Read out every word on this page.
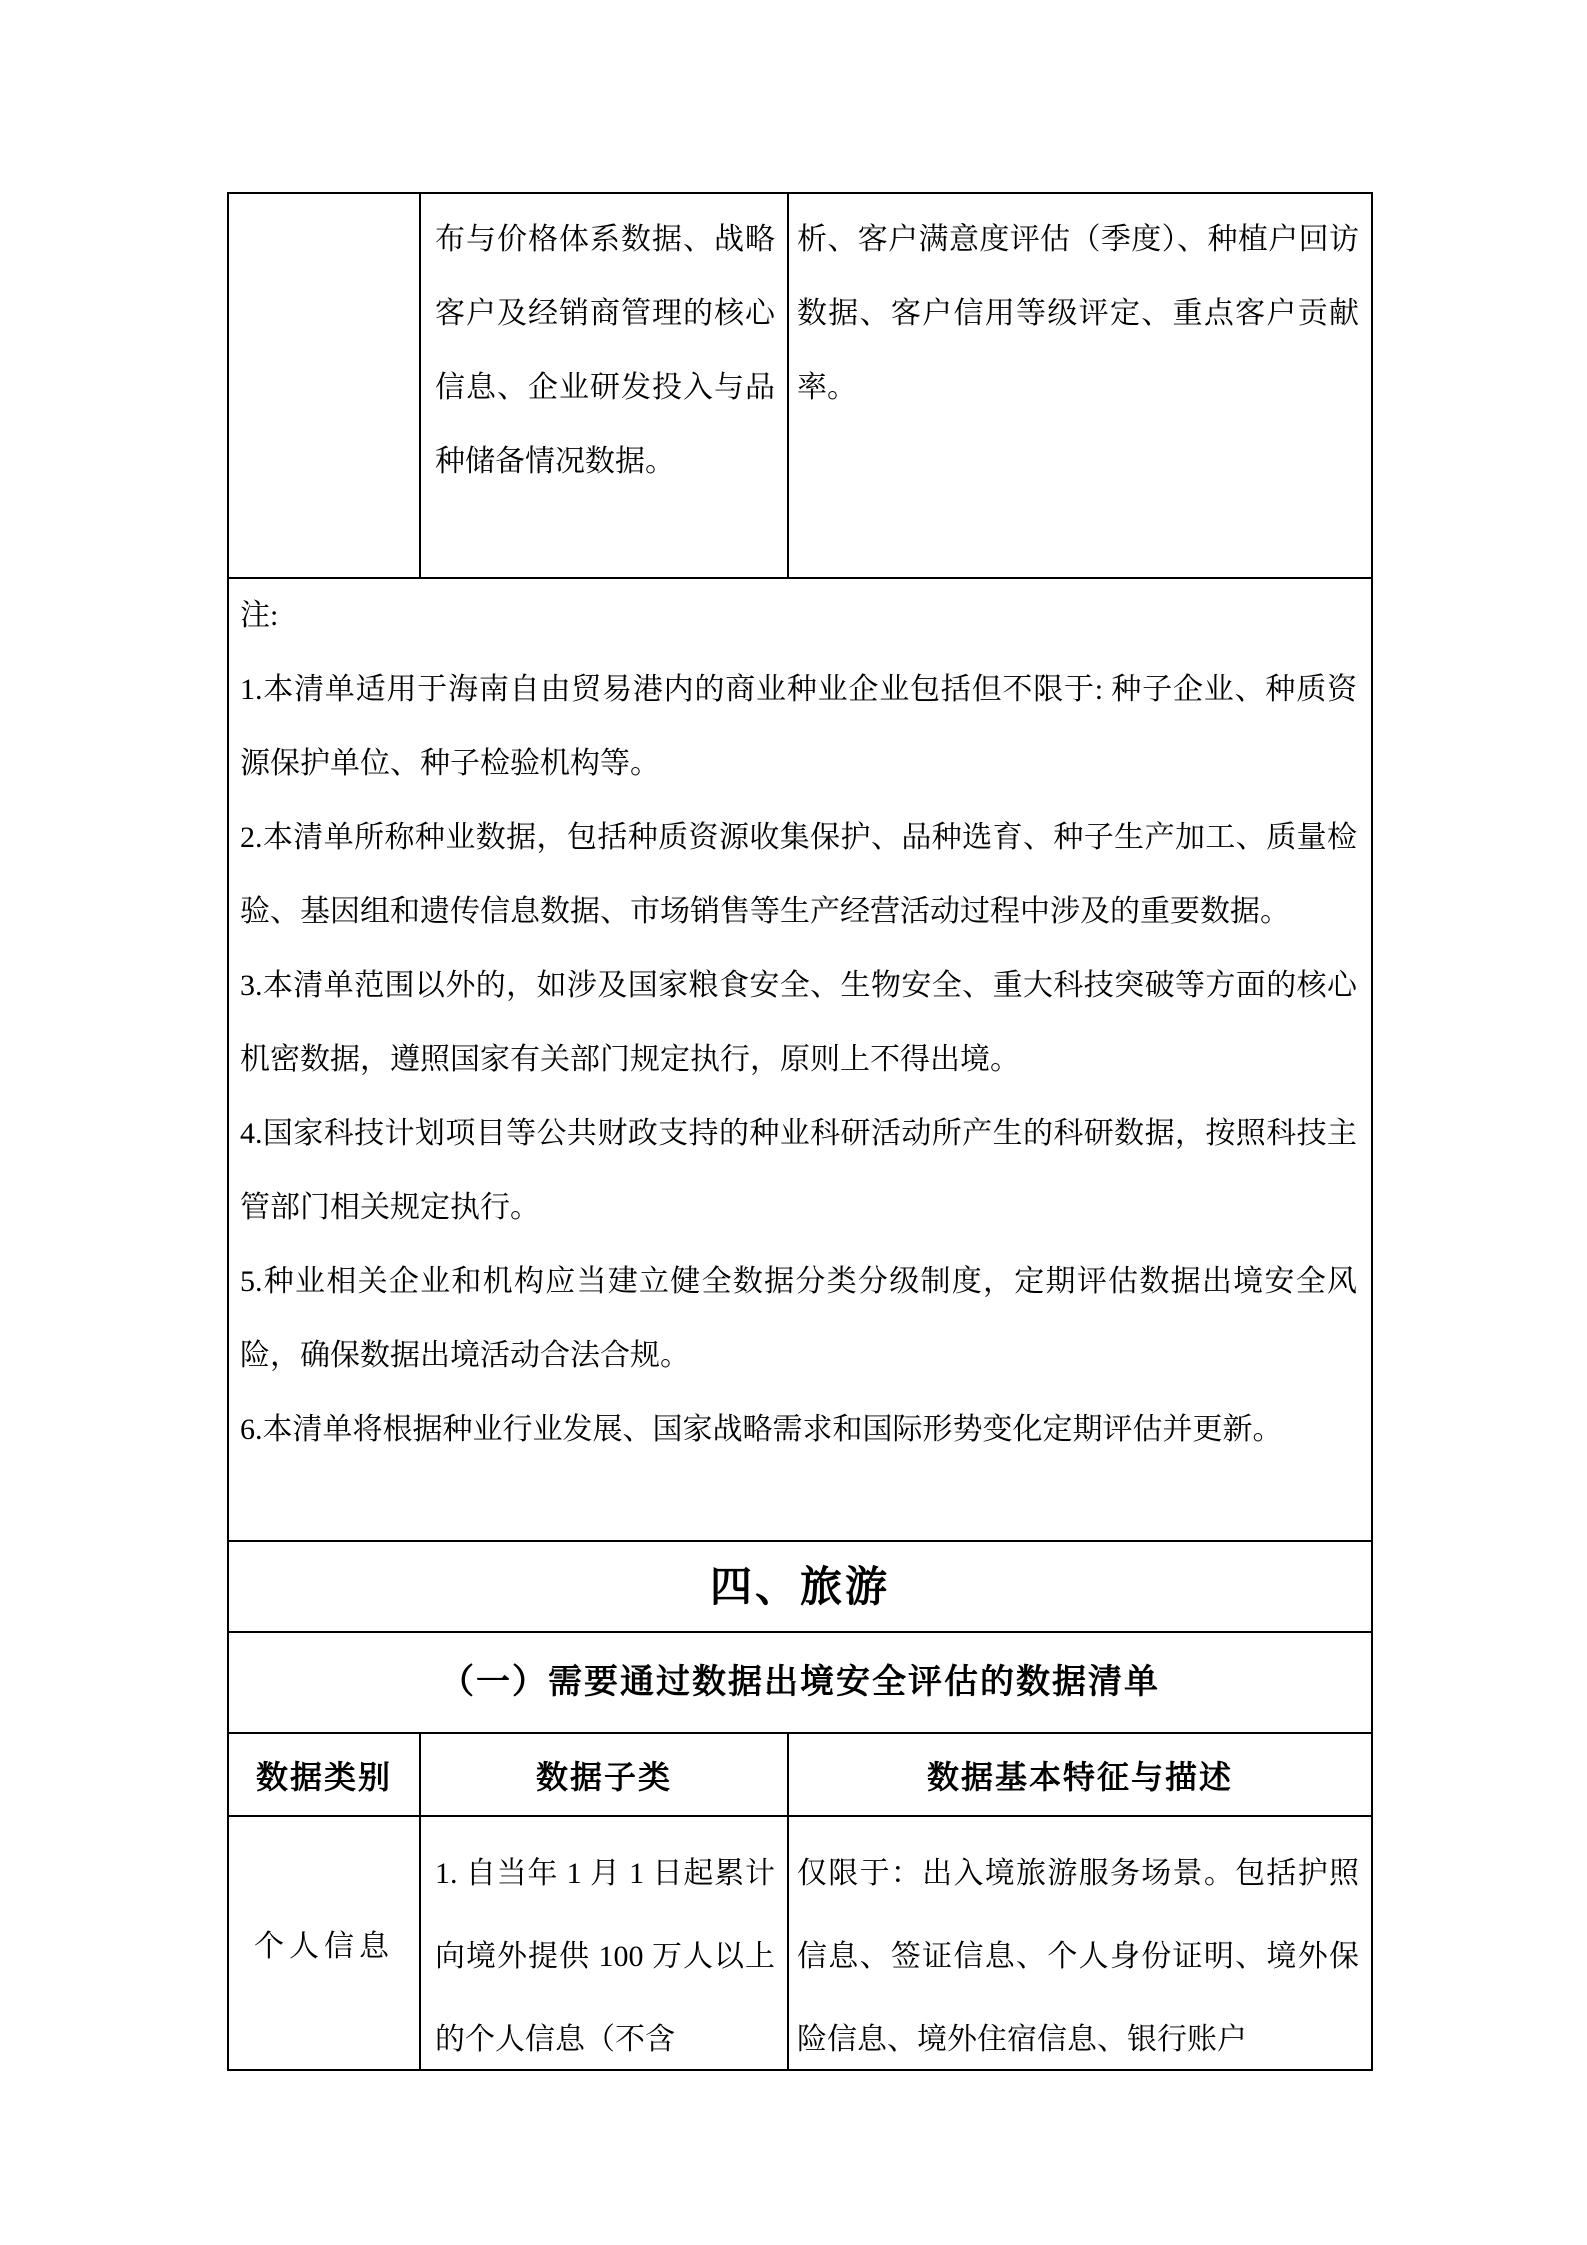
布与价格体系数据、战略客户及经销商管理的核心信息、企业研发投入与品种储备情况数据。

析、客户满意度评估（季度）、种植户回访数据、客户信用等级评定、重点客户贡献率。

注:

1.本清单适用于海南自由贸易港内的商业种业企业包括但不限于: 种子企业、种质资源保护单位、种子检验机构等。

2.本清单所称种业数据，包括种质资源收集保护、品种选育、种子生产加工、质量检验、基因组和遗传信息数据、市场销售等生产经营活动过程中涉及的重要数据。

3.本清单范围以外的，如涉及国家粮食安全、生物安全、重大科技突破等方面的核心机密数据，遵照国家有关部门规定执行，原则上不得出境。

4.国家科技计划项目等公共财政支持的种业科研活动所产生的科研数据，按照科技主管部门相关规定执行。

5.种业相关企业和机构应当建立健全数据分类分级制度，定期评估数据出境安全风险，确保数据出境活动合法合规。

6.本清单将根据种业行业发展、国家战略需求和国际形势变化定期评估并更新。

四、旅游
（一）需要通过数据出境安全评估的数据清单
数据类别	数据子类	数据基本特征与描述
个人信息

1. 自当年 1 月 1 日起累计向境外提供 100 万人以上的个人信息（不含

仅限于：出入境旅游服务场景。包括护照信息、签证信息、个人身份证明、境外保险信息、境外住宿信息、银行账户
